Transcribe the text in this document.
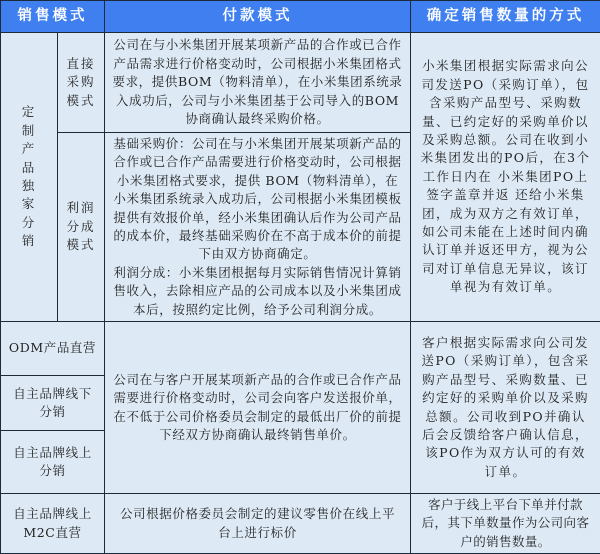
销售模式		付款模式	确定销售数量的方式
定制产品独家分销	直接采购模式	公司在与小米集团开展某项新产品的合作或已合作产品需求进行价格变动时，公司根据小米集团格式要求，提供BOM（物料清单），在小米集团系统录入成功后，公司与小米集团基于公司导入的BOM协商确认最终采购价格。	小米集团根据实际需求向公司发送PO（采购订单），包含采购产品型号、采购数量、已约定好的采购单价以及采购总额。公司在收到小米集团发出的PO后，在3个工作日内在 小米集团PO上签字盖章并返 还给小米集团，成为双方之有效订单，如公司未能在上述时间内确认订单并返还甲方，视为公司对订单信息无异议，该订单视为有效订单。
	利润分成模式	基础采购价：公司在与小米集团开展某项新产品的合作或已合作产品需要进行价格变动时，公司根据小米集团格式要求，提供 BOM（物料清单），在小米集团系统录入成功后，公司根据小米集团模板提供有效报价单，经小米集团确认后作为公司产品的成本价，最终基础采购价在不高于成本价的前提下由双方协商确定。
利润分成：小米集团根据每月实际销售情况计算销售收入，去除相应产品的公司成本以及小米集团成本后，按照约定比例，给予公司利润分成。	

ODM产品直营		公司在与客户开展某项新产品的合作或已合作产品需要进行价格变动时，公司会向客户发送报价单，在不低于公司价格委员会制定的最低出厂价的前提下经双方协商确认最终销售单价。	客户根据实际需求向公司发送PO（采购订单），包含采购产品型号、采购数量、已约定好的采购单价以及采购总额。公司收到PO并确认后会反馈给客户确认信息，该PO作为双方认可的有效订单。
自主品牌线下分销			
自主品牌线上分销			
自主品牌线上M2C直营		公司根据价格委员会制定的建议零售价在线上平台上进行标价	客户于线上平台下单并付款后，其下单数量作为公司向客户的销售数量。
